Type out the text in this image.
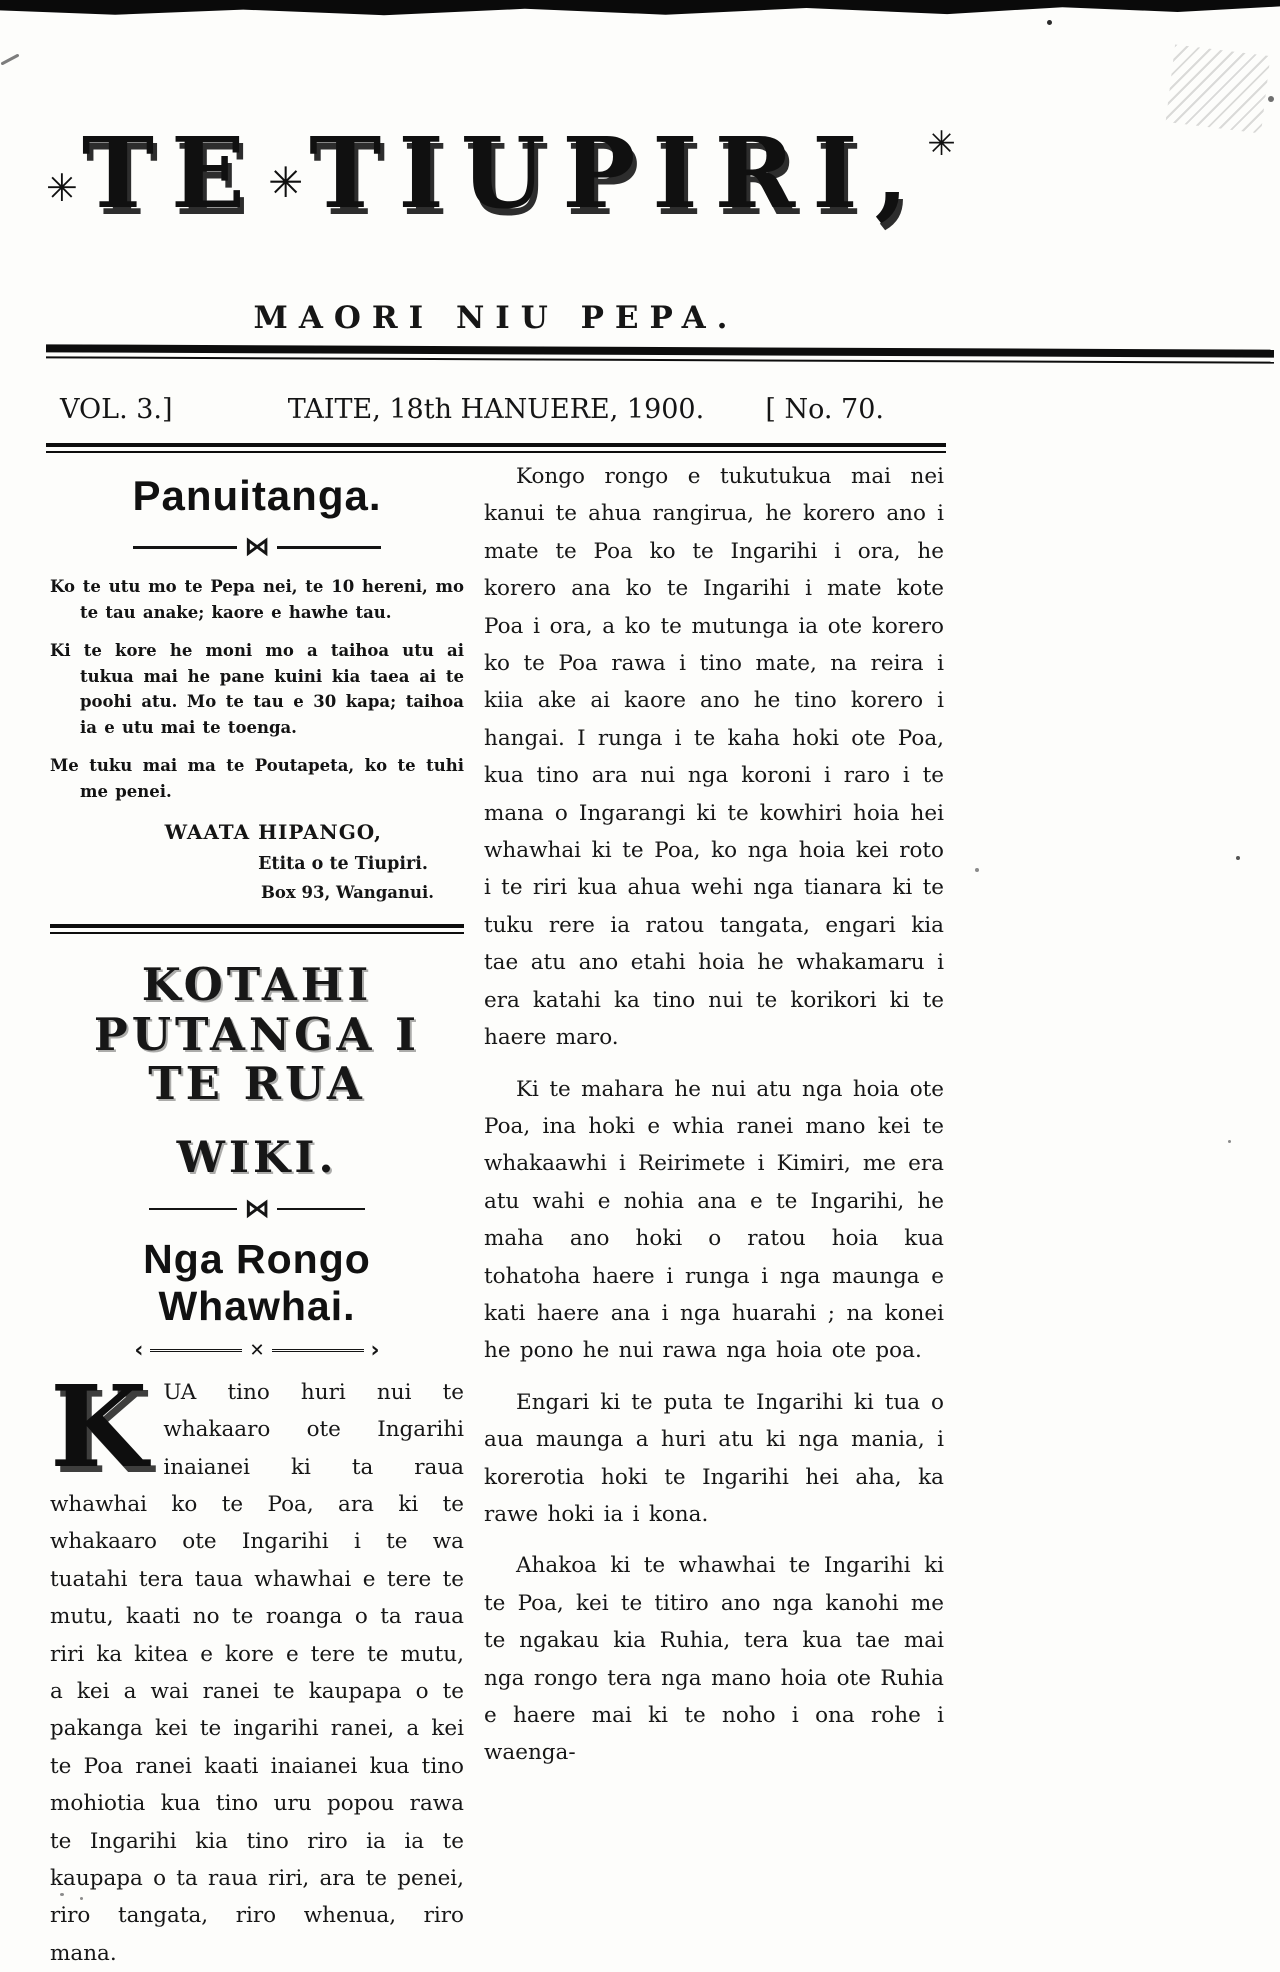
✳TE ✳TIUPIRI,✳
MAORI NIU PEPA.
VOL. 3.]	TAITE, 18th HANUERE, 1900.	[ No. 70.
Panuitanga.
⋈
Ko te utu mo te Pepa nei, te 10 hereni, mo te tau anake; kaore e hawhe tau.
Ki te kore he moni mo a taihoa utu ai tukua mai he pane kuini kia taea ai te poohi atu. Mo te tau e 30 kapa; taihoa ia e utu mai te toenga.
Me tuku mai ma te Poutapeta, ko te tuhi me penei.
WAATA HIPANGO,
Etita o te Tiupiri.
Box 93, Wanganui.
KOTAHI PUTANGA I TE RUA
WIKI.
⋈
Nga Rongo Whawhai.
‹	✕	›
KUA tino huri nui te whakaaro ote Ingarihi inaianei ki ta raua whawhai ko te Poa, ara ki te whakaaro ote Ingarihi i te wa tuatahi tera taua whawhai e tere te mutu, kaati no te roanga o ta raua riri ka kitea e kore e tere te mutu, a kei a wai ranei te kaupapa o te pakanga kei te ingarihi ranei, a kei te Poa ranei kaati inaianei kua tino mohiotia kua tino uru popou rawa te Ingarihi kia tino riro ia ia te kaupapa o ta raua riri, ara te penei, riro tangata, riro whenua, riro mana.

Kongo rongo e tukutukua mai nei kanui te ahua rangirua, he korero ano i mate te Poa ko te Ingarihi i ora, he korero ana ko te Ingarihi i mate kote Poa i ora, a ko te mutunga ia ote korero ko te Poa rawa i tino mate, na reira i kiia ake ai kaore ano he tino korero i hangai. I runga i te kaha hoki ote Poa, kua tino ara nui nga koroni i raro i te mana o Ingarangi ki te kowhiri hoia hei whawhai ki te Poa, ko nga hoia kei roto i te riri kua ahua wehi nga tianara ki te tuku rere ia ratou tangata, engari kia tae atu ano etahi hoia he whakamaru i era katahi ka tino nui te korikori ki te haere maro.

Ki te mahara he nui atu nga hoia ote Poa, ina hoki e whia ranei mano kei te whakaawhi i Reirimete i Kimiri, me era atu wahi e nohia ana e te Ingarihi, he maha ano hoki o ratou hoia kua tohatoha haere i runga i nga maunga e kati haere ana i nga huarahi ; na konei he pono he nui rawa nga hoia ote poa.

Engari ki te puta te Ingarihi ki tua o aua maunga a huri atu ki nga mania, i korerotia hoki te Ingarihi hei aha, ka rawe hoki ia i kona.

Ahakoa ki te whawhai te Ingarihi ki te Poa, kei te titiro ano nga kanohi me te ngakau kia Ruhia, tera kua tae mai nga rongo tera nga mano hoia ote Ruhia e haere mai ki te noho i ona rohe i waenga-
